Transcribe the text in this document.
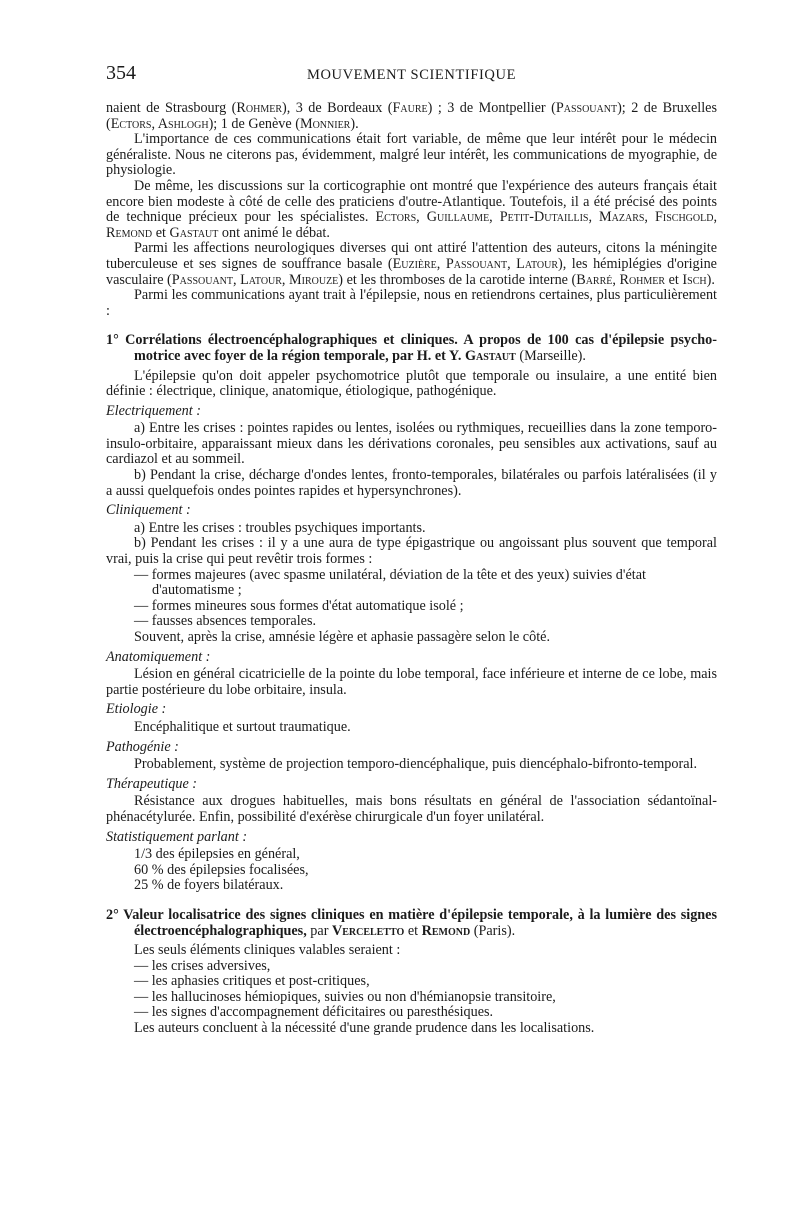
354	MOUVEMENT SCIENTIFIQUE

naient de Strasbourg (Rohmer), 3 de Bordeaux (Faure) ; 3 de Montpellier (Passouant); 2 de Bruxelles (Ectors, Ashlogh); 1 de Genève (Monnier).

L'importance de ces communications était fort variable, de même que leur intérêt pour le médecin généraliste. Nous ne citerons pas, évidemment, malgré leur intérêt, les communications de myographie, de physiologie.

De même, les discussions sur la corticographie ont montré que l'expérience des auteurs français était encore bien modeste à côté de celle des praticiens d'outre-Atlantique. Toutefois, il a été précisé des points de technique précieux pour les spécialistes. Ectors, Guillaume, Petit-Dutaillis, Mazars, Fischgold, Remond et Gastaut ont animé le débat.

Parmi les affections neurologiques diverses qui ont attiré l'attention des auteurs, citons la méningite tuberculeuse et ses signes de souffrance basale (Euzière, Passouant, Latour), les hémiplégies d'origine vasculaire (Passouant, Latour, Mirouze) et les thromboses de la carotide interne (Barré, Rohmer et Isch).

Parmi les communications ayant trait à l'épilepsie, nous en retiendrons certaines, plus particulièrement :

1° Corrélations électroencéphalographiques et cliniques. A propos de 100 cas d'épilepsie psycho-motrice avec foyer de la région temporale, par H. et Y. Gastaut (Marseille).

L'épilepsie qu'on doit appeler psychomotrice plutôt que temporale ou insulaire, a une entité bien définie : électrique, clinique, anatomique, étiologique, pathogénique.

Electriquement :

a) Entre les crises : pointes rapides ou lentes, isolées ou rythmiques, recueillies dans la zone temporo-insulo-orbitaire, apparaissant mieux dans les dérivations coronales, peu sensibles aux activations, sauf au cardiazol et au sommeil.

b) Pendant la crise, décharge d'ondes lentes, fronto-temporales, bilatérales ou parfois latéralisées (il y a aussi quelquefois ondes pointes rapides et hypersynchrones).

Cliniquement :

a) Entre les crises : troubles psychiques importants.

b) Pendant les crises : il y a une aura de type épigastrique ou angoissant plus souvent que temporal vrai, puis la crise qui peut revêtir trois formes :

— formes majeures (avec spasme unilatéral, déviation de la tête et des yeux) suivies d'état d'automatisme ;

— formes mineures sous formes d'état automatique isolé ;

— fausses absences temporales.

Souvent, après la crise, amnésie légère et aphasie passagère selon le côté.

Anatomiquement :

Lésion en général cicatricielle de la pointe du lobe temporal, face inférieure et interne de ce lobe, mais partie postérieure du lobe orbitaire, insula.

Etiologie :

Encéphalitique et surtout traumatique.

Pathogénie :

Probablement, système de projection temporo-diencéphalique, puis diencéphalo-bifronto-temporal.

Thérapeutique :

Résistance aux drogues habituelles, mais bons résultats en général de l'association sédantoïnal-phénacétylurée. Enfin, possibilité d'exérèse chirurgicale d'un foyer unilatéral.

Statistiquement parlant :

1/3 des épilepsies en général,

60 % des épilepsies focalisées,

25 % de foyers bilatéraux.

2° Valeur localisatrice des signes cliniques en matière d'épilepsie temporale, à la lumière des signes électroencéphalographiques, par Verceletto et Remond (Paris).

Les seuls éléments cliniques valables seraient :

— les crises adversives,

— les aphasies critiques et post-critiques,

— les hallucinoses hémiopiques, suivies ou non d'hémianopsie transitoire,

— les signes d'accompagnement déficitaires ou paresthésiques.

Les auteurs concluent à la nécessité d'une grande prudence dans les localisations.
